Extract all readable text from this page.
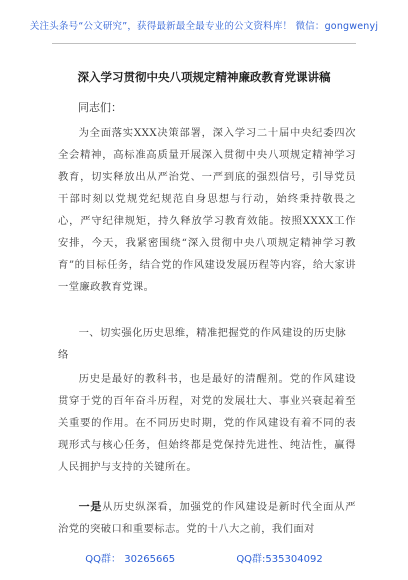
关注头条号“公文研究”，获得最新最全最专业的公文资料库！ 微信：gongwenyj
深入学习贯彻中央八项规定精神廉政教育党课讲稿
同志们：
为全面落实XXX决策部署，深入学习二十届中央纪委四次全会精神，高标准高质量开展深入贯彻中央八项规定精神学习教育，切实释放出从严治党、一严到底的强烈信号，引导党员干部时刻以党规党纪规范自身思想与行动，始终秉持敬畏之心，严守纪律规矩，持久释放学习教育效能。按照XXXX工作安排，今天，我紧密围绕“深入贯彻中央八项规定精神学习教育”的目标任务，结合党的作风建设发展历程等内容，给大家讲一堂廉政教育党课。
一、切实强化历史思维，精准把握党的作风建设的历史脉络
历史是最好的教科书，也是最好的清醒剂。党的作风建设贯穿于党的百年奋斗历程，对党的发展壮大、事业兴衰起着至关重要的作用。在不同历史时期，党的作风建设有着不同的表现形式与核心任务，但始终都是党保持先进性、纯洁性，赢得人民拥护与支持的关键所在。
一是从历史纵深看，加强党的作风建设是新时代全面从严治党的突破口和重要标志。党的十八大之前，我们面对
QQ群： 30265665	QQ群:535304092
